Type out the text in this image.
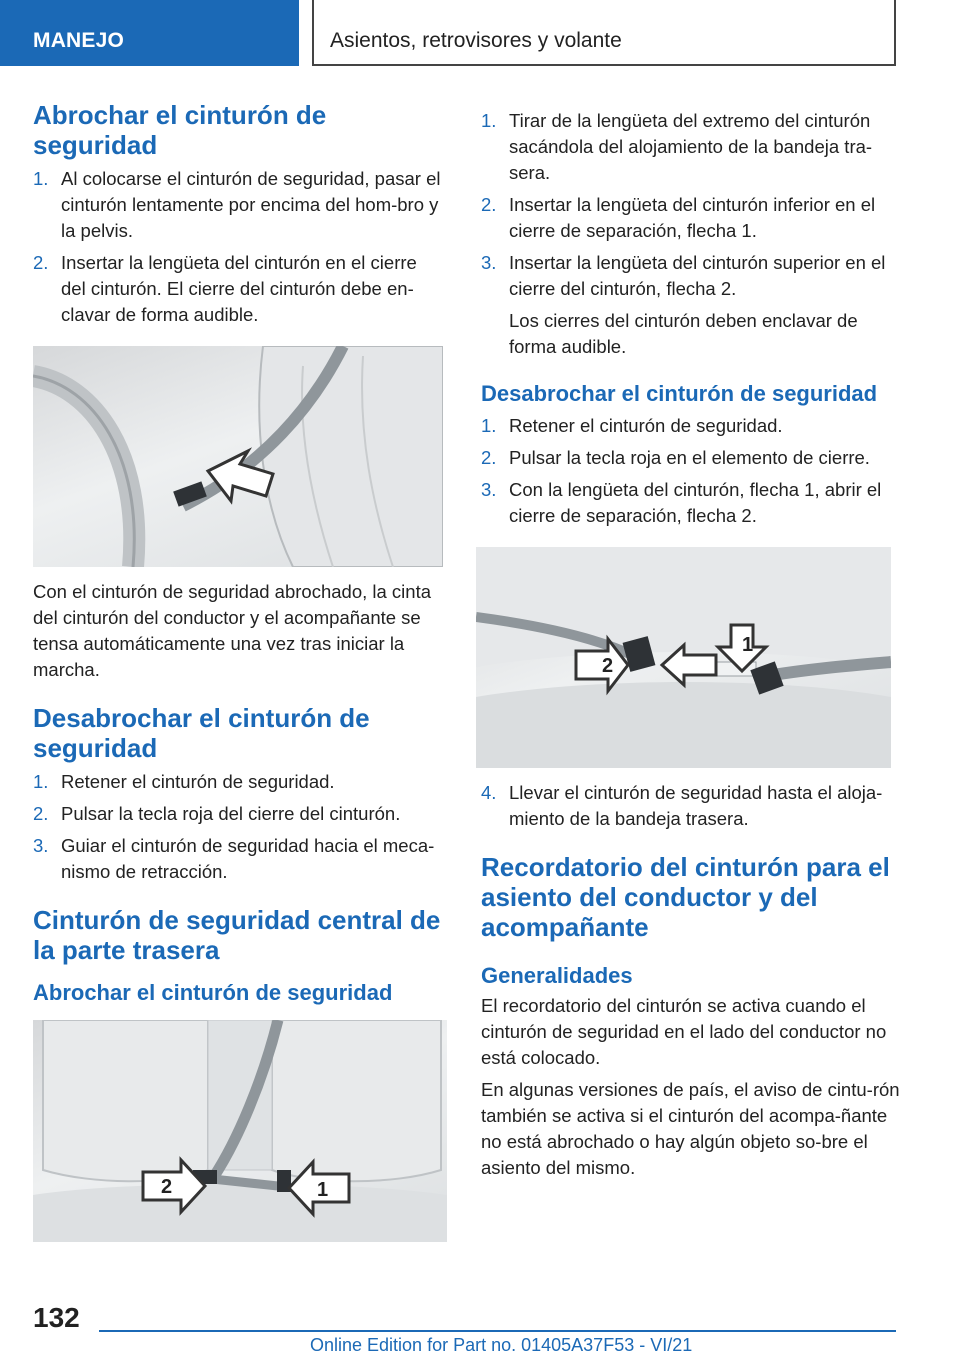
MANEJO	Asientos, retrovisores y volante
Abrochar el cinturón de seguridad
1. Al colocarse el cinturón de seguridad, pasar el cinturón lentamente por encima del hom-bro y la pelvis.
2. Insertar la lengüeta del cinturón en el cierre del cinturón. El cierre del cinturón debe en-clavar de forma audible.

Con el cinturón de seguridad abrochado, la cinta del cinturón del conductor y el acompañante se tensa automáticamente una vez tras iniciar la marcha.

Desabrochar el cinturón de seguridad
1. Retener el cinturón de seguridad.
2. Pulsar la tecla roja del cierre del cinturón.
3. Guiar el cinturón de seguridad hacia el meca-nismo de retracción.
Cinturón de seguridad central de la parte trasera
Abrochar el cinturón de seguridad
2	1
1. Tirar de la lengüeta del extremo del cinturón sacándola del alojamiento de la bandeja tra-sera.
2. Insertar la lengüeta del cinturón inferior en el cierre de separación, flecha 1.
3. Insertar la lengüeta del cinturón superior en el cierre del cinturón, flecha 2.

Los cierres del cinturón deben enclavar de forma audible.

Desabrochar el cinturón de seguridad
1. Retener el cinturón de seguridad.
2. Pulsar la tecla roja en el elemento de cierre.
3. Con la lengüeta del cinturón, flecha 1, abrir el cierre de separación, flecha 2.
1
2
4. Llevar el cinturón de seguridad hasta el aloja-miento de la bandeja trasera.
Recordatorio del cinturón para el asiento del conductor y del acompañante
Generalidades

El recordatorio del cinturón se activa cuando el cinturón de seguridad en el lado del conductor no está colocado.

En algunas versiones de país, el aviso de cintu-rón también se activa si el cinturón del acompa-ñante no está abrochado o hay algún objeto so-bre el asiento del mismo.

132
Online Edition for Part no. 01405A37F53 - VI/21
